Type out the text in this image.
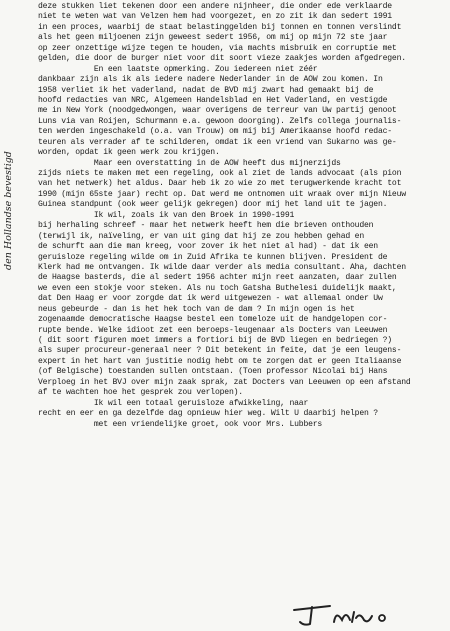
den Hollandse bevestigd
deze stukken liet tekenen door een andere nijnheer, die onder ede verklaarde
niet te weten wat van Velzen hem had voorgezet, en zo zit ik dan sedert 1991
in een proces, waarbij de staat belastinggelden bij tonnen en tonnen verslindt
als het geen miljoenen zijn geweest sedert 1956, om mij op mijn 72 ste jaar
op zeer onzettige wijze tegen te houden, via machts misbruik en corruptie met
gelden, die door de burger niet voor dit soort vieze zaakjes worden afgedregen.
En een laatste opmerking. Zou iedereen niet zéér
dankbaar zijn als ik als iedere nadere Nederlander in de AOW zou komen. In
1958 verliet ik het vaderland, nadat de BVD mij zwart had gemaakt bij de
hoofd redacties van NRC, Algemeen Handelsblad en Het Vaderland, en vestigde
me in New York (noodgedwongen, waar overigens de terreur van Uw partij genoot
Luns via van Roijen, Schurmann e.a. gewoon doorging). Zelfs collega journalis-
ten werden ingeschakeld (o.a. van Trouw) om mij bij Amerikaanse hoofd redac-
teuren als verrader af te schilderen, omdat ik een vriend van Sukarno was ge-
worden, opdat ik geen werk zou krijgen.
Maar een overstatting in de AOW heeft dus mijnerzijds
zijds niets te maken met een regeling, ook al ziet de lands advocaat (als pion
van het netwerk) het aldus. Daar heb ik zo wie zo met terugwerkende kracht tot
1990 (mijn 65ste jaar) recht op. Dat werd me ontnomen uit wraak over mijn Nieuw
Guinea standpunt (ook weer gelijk gekregen) door mij het land uit te jagen.
Ik wil, zoals ik van den Broek in 1990-1991
bij herhaling schreef - maar het netwerk heeft hem die brieven onthouden
(terwijl ik, naïveling, er van uit ging dat hij ze zou hebben gehad en
de schurft aan die man kreeg, voor zover ik het niet al had) - dat ik een
geruisloze regeling wilde om in Zuid Afrika te kunnen blijven. President de
Klerk had me ontvangen. Ik wilde daar verder als media consultant. Aha, dachten
de Haagse basterds, die al sedert 1956 achter mijn reet aanzaten, daar zullen
we even een stokje voor steken. Als nu toch Gatsha Buthelesi duidelijk maakt,
dat Den Haag er voor zorgde dat ik werd uitgewezen - wat allemaal onder Uw
neus gebeurde - dan is het hek toch van de dam ? In mijn ogen is het
zogenaamde democratische Haagse bestel een tomeloze uit de handgelopen cor-
rupte bende. Welke idioot zet een beroeps-leugenaar als Docters van Leeuwen
( dit soort figuren moet immers a fortiori bij de BVD liegen en bedriegen ?)
als super procureur-generaal neer ? Dit betekent in feite, dat je een leugens-
expert in het hart van justitie nodig hebt om te zorgen dat er geen Italiaanse
(of Belgische) toestanden sullen ontstaan. (Toen professor Nicolai bij Hans
Verploeg in het BVJ over mijn zaak sprak, zat Docters van Leeuwen op een afstand
af te wachten hoe het gesprek zou verlopen).
Ik wil een totaal geruisloze afwikkeling, naar
recht en eer en ga dezelfde dag opnieuw hier weg. Wilt U daarbij helpen ?
met een vriendelijke groet, ook voor Mrs. Lubbers
